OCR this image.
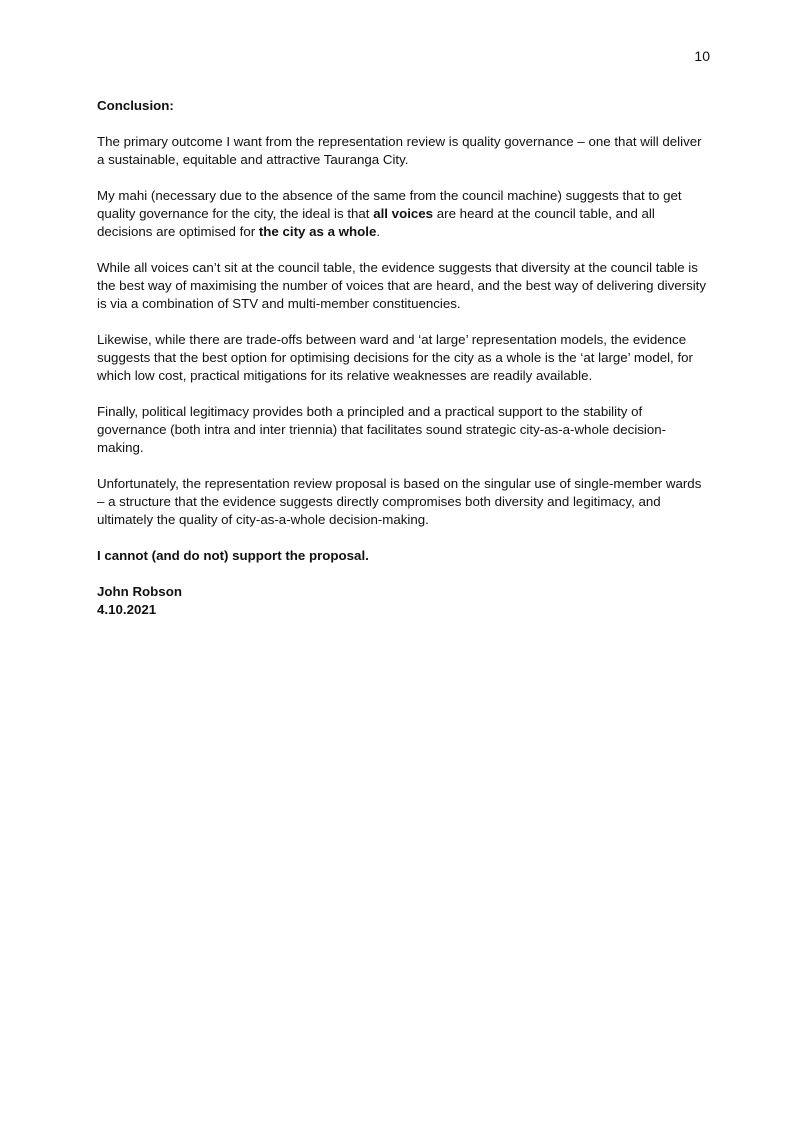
10

Conclusion:

The primary outcome I want from the representation review is quality governance – one that will deliver a sustainable, equitable and attractive Tauranga City.

My mahi (necessary due to the absence of the same from the council machine) suggests that to get quality governance for the city, the ideal is that all voices are heard at the council table, and all decisions are optimised for the city as a whole.

While all voices can’t sit at the council table, the evidence suggests that diversity at the council table is the best way of maximising the number of voices that are heard, and the best way of delivering diversity is via a combination of STV and multi-member constituencies.

Likewise, while there are trade-offs between ward and ‘at large’ representation models, the evidence suggests that the best option for optimising decisions for the city as a whole is the ‘at large’ model, for which low cost, practical mitigations for its relative weaknesses are readily available.

Finally, political legitimacy provides both a principled and a practical support to the stability of governance (both intra and inter triennia) that facilitates sound strategic city-as-a-whole decision-making.

Unfortunately, the representation review proposal is based on the singular use of single-member wards – a structure that the evidence suggests directly compromises both diversity and legitimacy, and ultimately the quality of city-as-a-whole decision-making.

I cannot (and do not) support the proposal.

John Robson

4.10.2021
